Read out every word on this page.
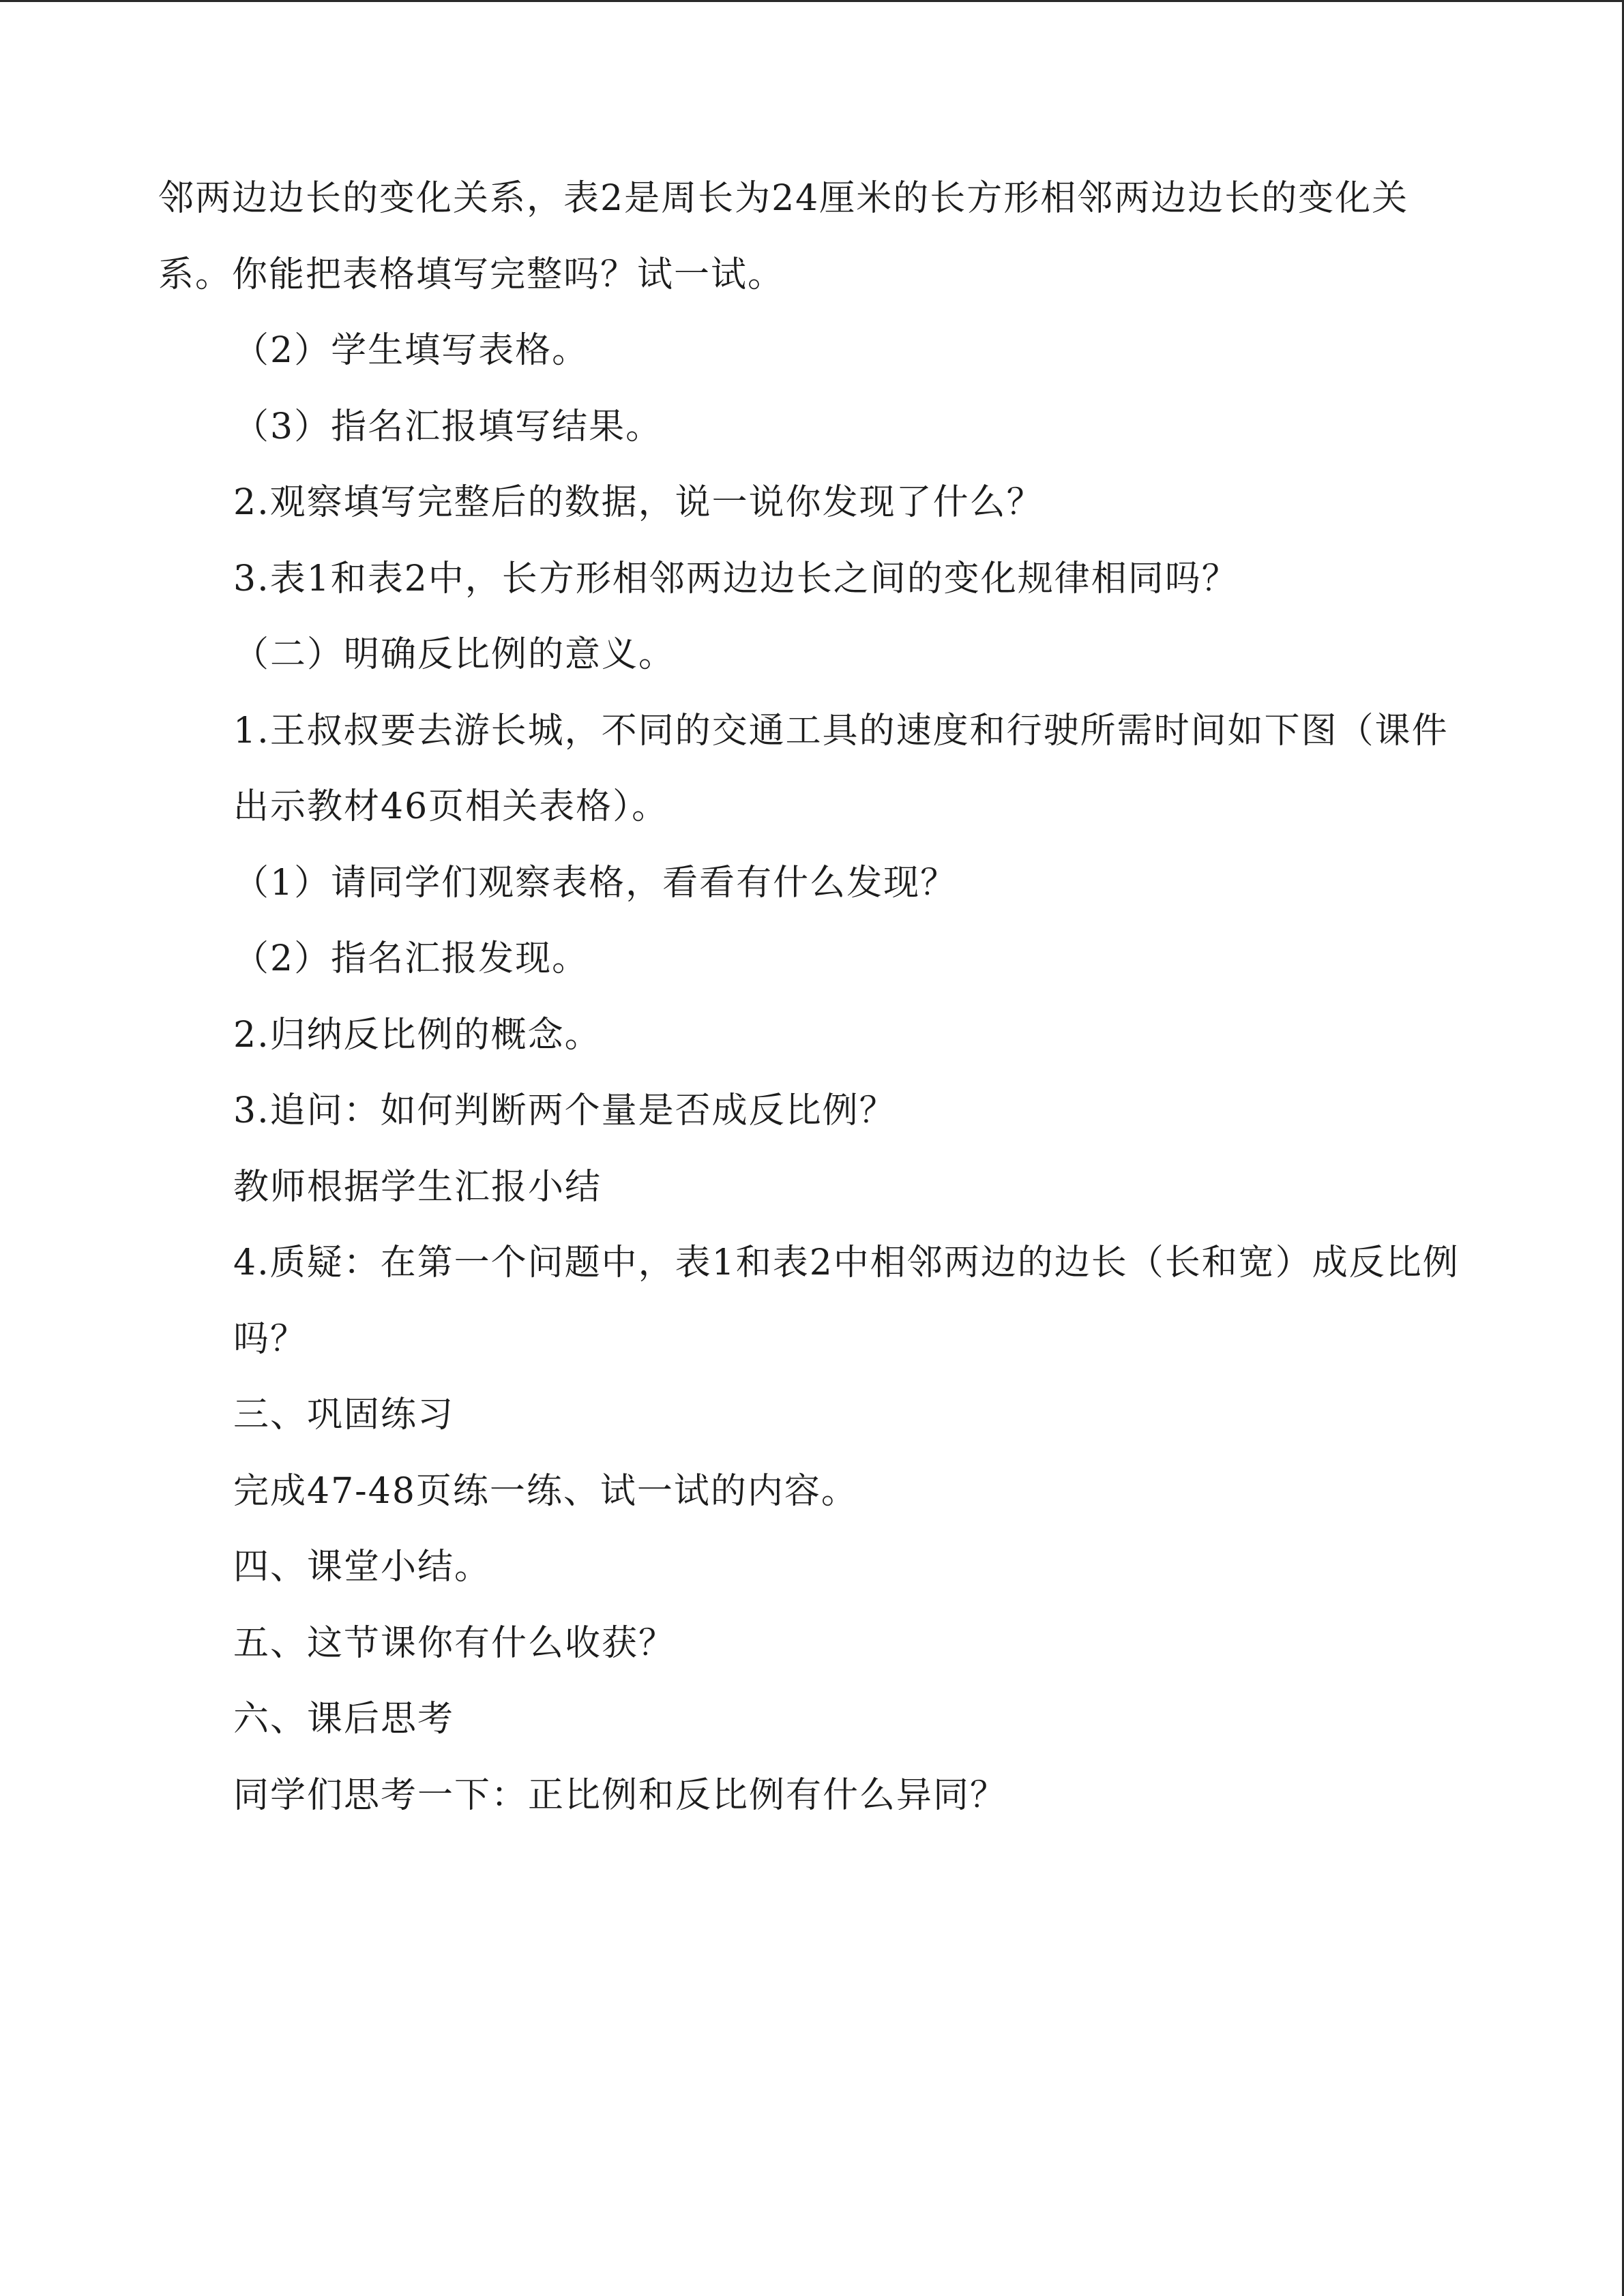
邻两边边长的变化关系，表2是周长为24厘米的长方形相邻两边边长的变化关系。你能把表格填写完整吗？试一试。

（2）学生填写表格。

（3）指名汇报填写结果。

2.观察填写完整后的数据，说一说你发现了什么？

3.表1和表2中，长方形相邻两边边长之间的变化规律相同吗？

（二）明确反比例的意义。

1.王叔叔要去游长城，不同的交通工具的速度和行驶所需时间如下图（课件出示教材46页相关表格）。

（1）请同学们观察表格，看看有什么发现？

（2）指名汇报发现。

2.归纳反比例的概念。

3.追问：如何判断两个量是否成反比例？

教师根据学生汇报小结

4.质疑：在第一个问题中，表1和表2中相邻两边的边长（长和宽）成反比例吗？

三、巩固练习

完成47-48页练一练、试一试的内容。

四、课堂小结。

五、这节课你有什么收获？

六、课后思考

同学们思考一下：正比例和反比例有什么异同？
